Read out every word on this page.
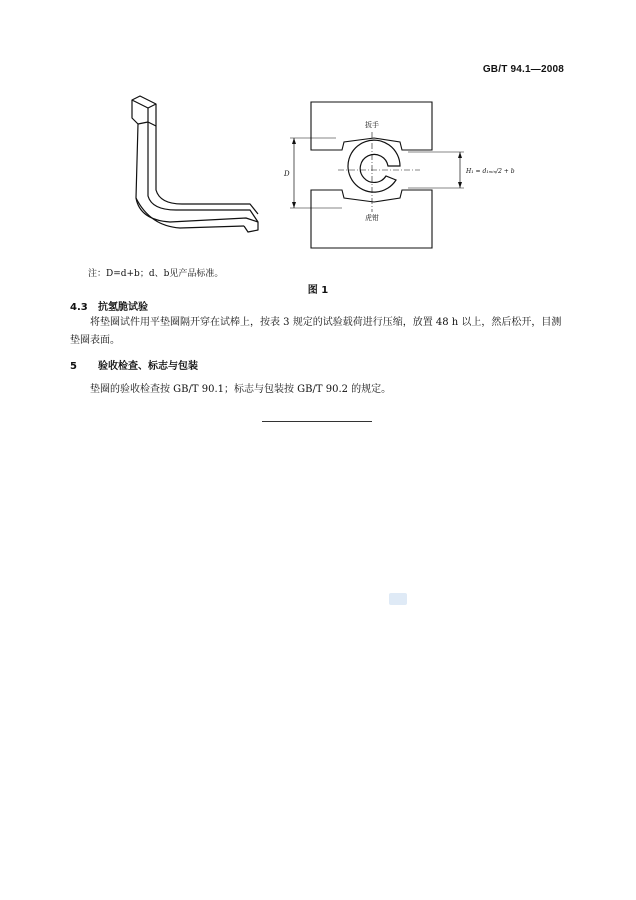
GB/T 94.1—2008
扳手
虎钳
D	H₁ = d₁ₘᵢₙ/2 + b
注：D=d+b；d、b见产品标准。
图 1
4.3 抗氢脆试验
将垫圈试件用平垫圈隔开穿在试棒上，按表 3 规定的试验载荷进行压缩，放置 48 h 以上，然后松开，目测垫圈表面。
5 验收检查、标志与包装
垫圈的验收检查按 GB/T 90.1；标志与包装按 GB/T 90.2 的规定。
